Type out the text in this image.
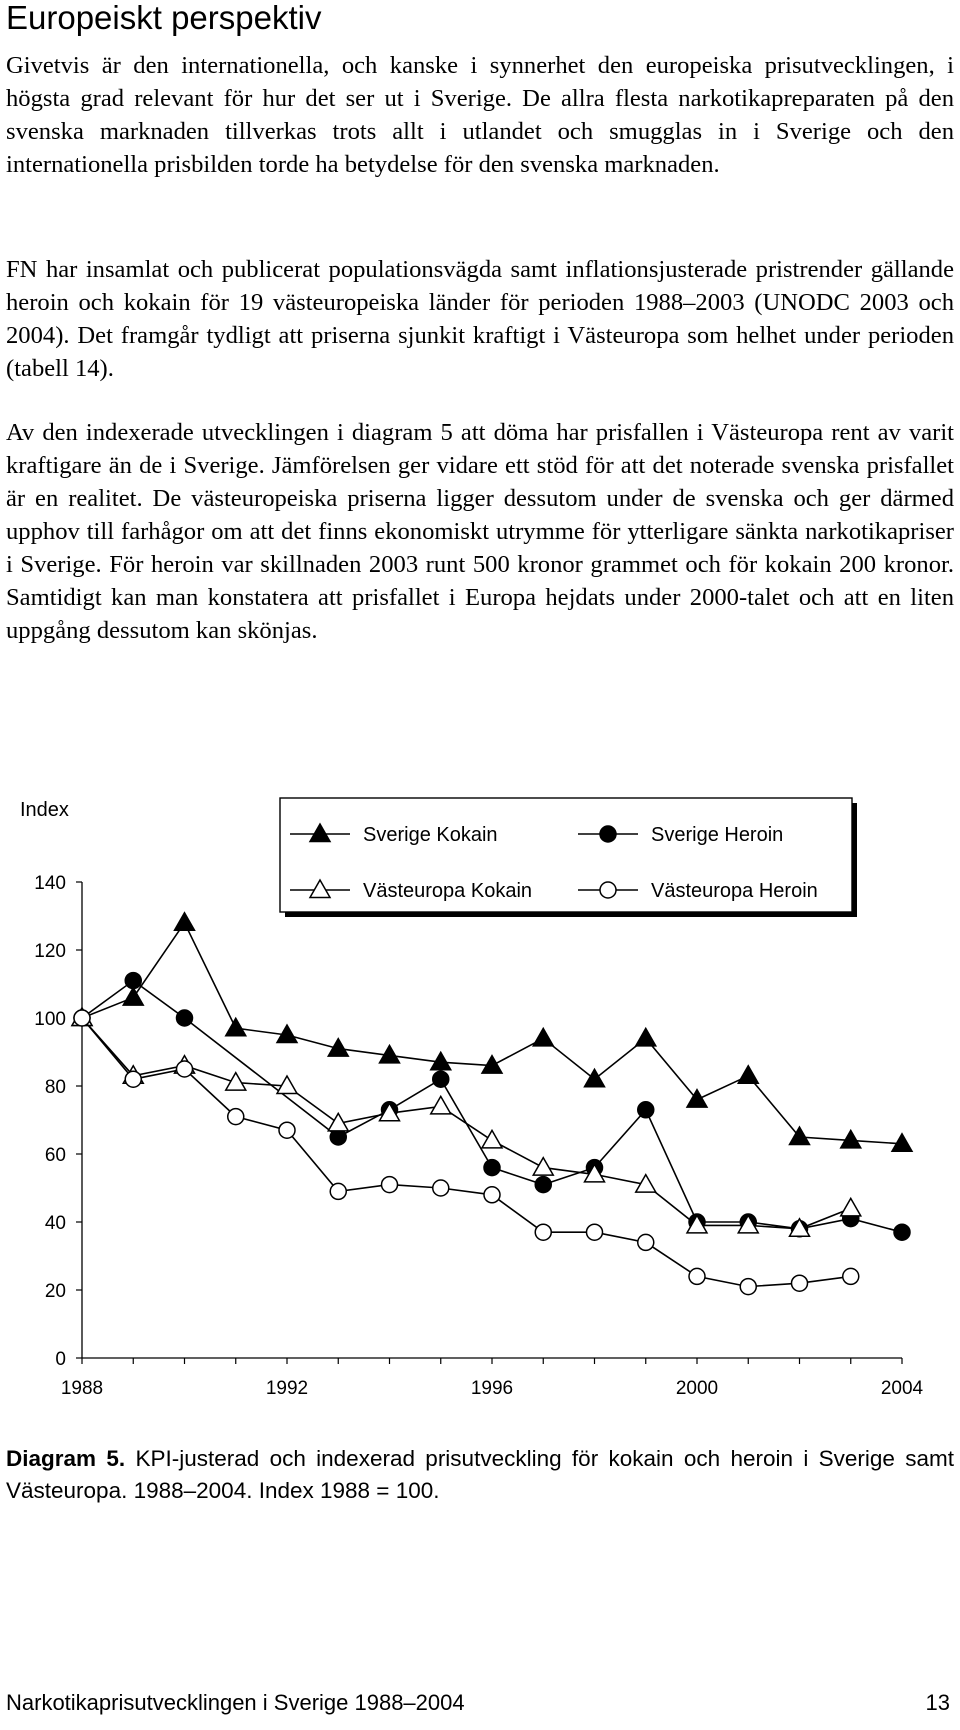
Europeiskt perspektiv

Givetvis är den internationella, och kanske i synnerhet den europeiska prisutvecklingen, i högsta grad relevant för hur det ser ut i Sverige. De allra flesta narkotikapreparaten på den svenska marknaden tillverkas trots allt i utlandet och smugglas in i Sverige och den internationella prisbilden torde ha betydelse för den svenska marknaden.

FN har insamlat och publicerat populationsvägda samt inflationsjusterade pristrender gällande heroin och kokain för 19 västeuropeiska länder för perioden 1988–2003 (UNODC 2003 och 2004). Det framgår tydligt att priserna sjunkit kraftigt i Västeuropa som helhet under perioden (tabell 14).

Av den indexerade utvecklingen i diagram 5 att döma har prisfallen i Västeuropa rent av varit kraftigare än de i Sverige. Jämförelsen ger vidare ett stöd för att det noterade svenska prisfallet är en realitet. De västeuropeiska priserna ligger dessutom under de svenska och ger därmed upphov till farhågor om att det finns ekonomiskt utrymme för ytterligare sänkta narkotikapriser i Sverige. För heroin var skillnaden 2003 runt 500 kronor grammet och för kokain 200 kronor. Samtidigt kan man konstatera att prisfallet i Europa hejdats under 2000-talet och att en liten uppgång dessutom kan skönjas.

Index
0
20
40
60
80
100
120
140
1988	1992	1996	2000	2004
Sverige Kokain	Sverige Heroin
Västeuropa Kokain	Västeuropa Heroin

Diagram 5. KPI-justerad och indexerad prisutveckling för kokain och heroin i Sverige samt Västeuropa. 1988–2004. Index 1988 = 100.

Narkotikaprisutvecklingen i Sverige 1988–2004	13
